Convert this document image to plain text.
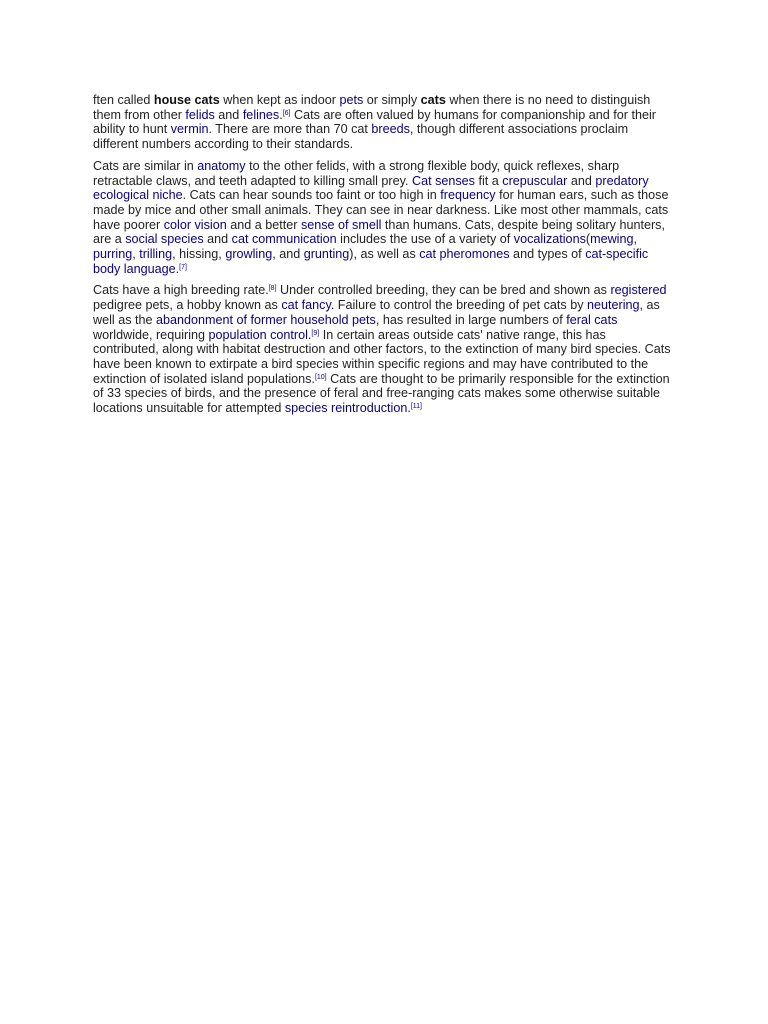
ften called house cats when kept as indoor pets or simply cats when there is no need to distinguish them from other felids and felines.[6] Cats are often valued by humans for companionship and for their ability to hunt vermin. There are more than 70 cat breeds, though different associations proclaim different numbers according to their standards.

Cats are similar in anatomy to the other felids, with a strong flexible body, quick reflexes, sharp retractable claws, and teeth adapted to killing small prey. Cat senses fit a crepuscular and predatory ecological niche. Cats can hear sounds too faint or too high in frequency for human ears, such as those made by mice and other small animals. They can see in near darkness. Like most other mammals, cats have poorer color vision and a better sense of smell than humans. Cats, despite being solitary hunters, are a social species and cat communication includes the use of a variety of vocalizations(mewing, purring, trilling, hissing, growling, and grunting), as well as cat pheromones and types of cat-specific body language.[7]

Cats have a high breeding rate.[8] Under controlled breeding, they can be bred and shown as registered pedigree pets, a hobby known as cat fancy. Failure to control the breeding of pet cats by neutering, as well as the abandonment of former household pets, has resulted in large numbers of feral cats worldwide, requiring population control.[9] In certain areas outside cats' native range, this has contributed, along with habitat destruction and other factors, to the extinction of many bird species. Cats have been known to extirpate a bird species within specific regions and may have contributed to the extinction of isolated island populations.[10] Cats are thought to be primarily responsible for the extinction of 33 species of birds, and the presence of feral and free-ranging cats makes some otherwise suitable locations unsuitable for attempted species reintroduction.[11]
